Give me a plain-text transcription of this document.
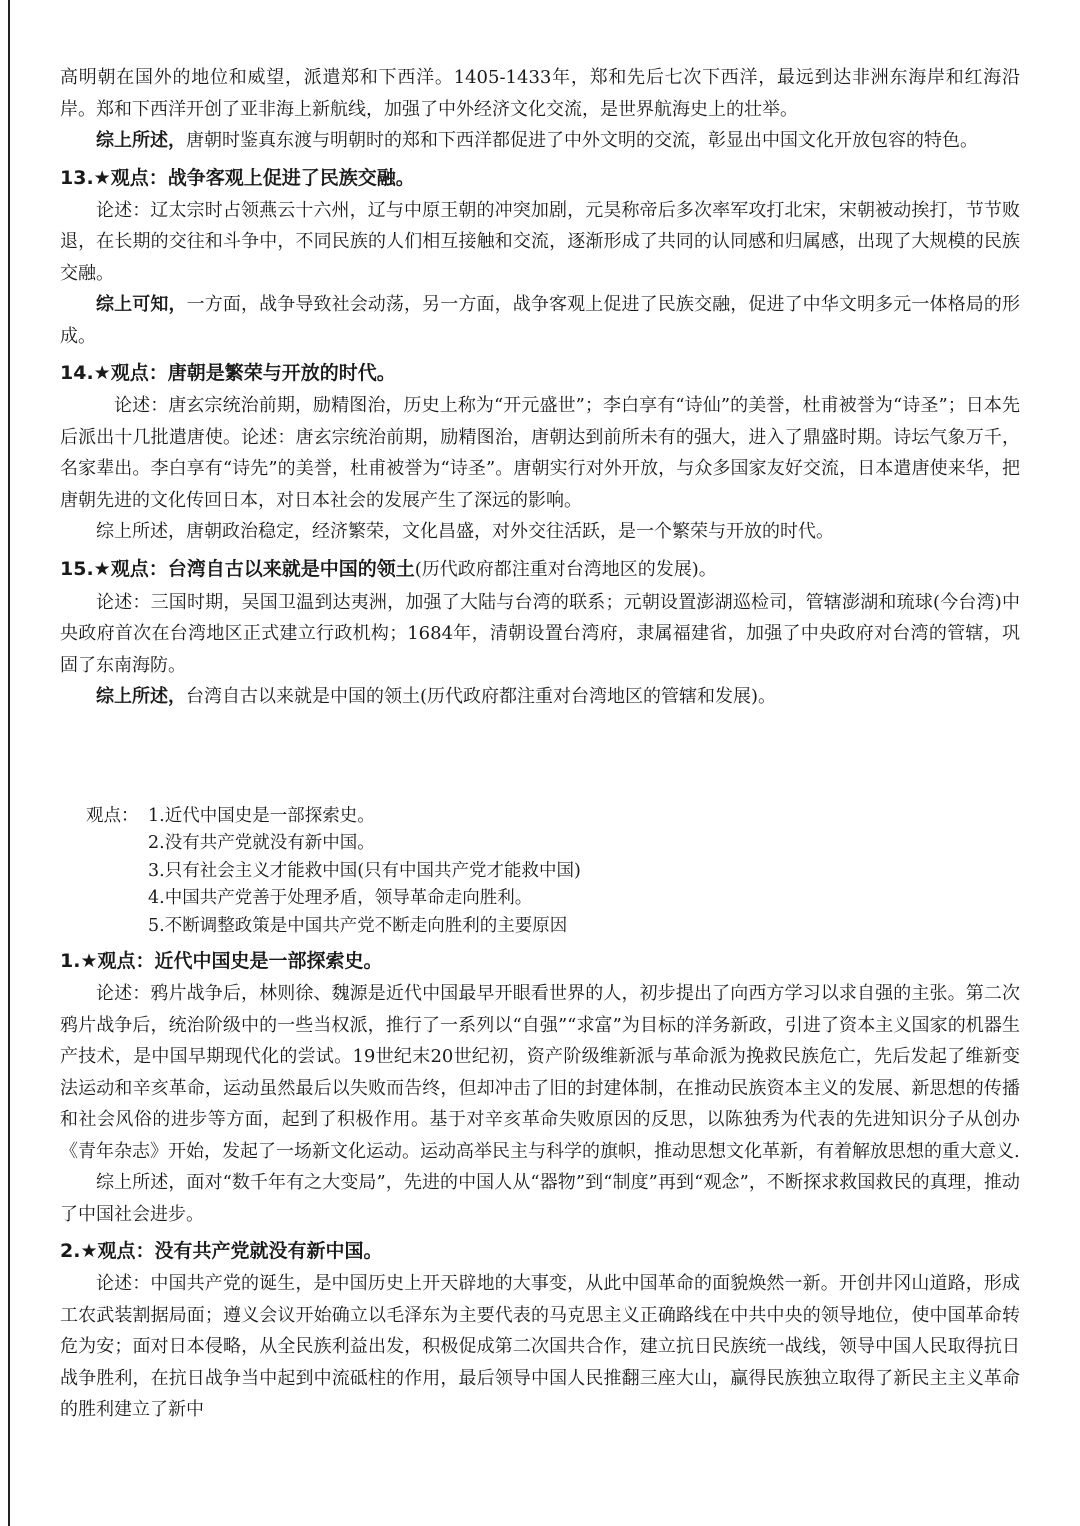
高明朝在国外的地位和威望，派遣郑和下西洋。1405-1433年，郑和先后七次下西洋，最远到达非洲东海岸和红海沿岸。郑和下西洋开创了亚非海上新航线，加强了中外经济文化交流，是世界航海史上的壮举。

综上所述，唐朝时鉴真东渡与明朝时的郑和下西洋都促进了中外文明的交流，彰显出中国文化开放包容的特色。

13.★观点：战争客观上促进了民族交融。

论述：辽太宗时占领燕云十六州，辽与中原王朝的冲突加剧，元昊称帝后多次率军攻打北宋，宋朝被动挨打，节节败退，在长期的交往和斗争中，不同民族的人们相互接触和交流，逐渐形成了共同的认同感和归属感，出现了大规模的民族交融。

综上可知，一方面，战争导致社会动荡，另一方面，战争客观上促进了民族交融，促进了中华文明多元一体格局的形成。

14.★观点：唐朝是繁荣与开放的时代。

论述：唐玄宗统治前期，励精图治，历史上称为“开元盛世”；李白享有“诗仙”的美誉，杜甫被誉为“诗圣”；日本先后派出十几批遣唐使。论述：唐玄宗统治前期，励精图治，唐朝达到前所未有的强大，进入了鼎盛时期。诗坛气象万千，名家辈出。李白享有“诗先”的美誉，杜甫被誉为“诗圣”。唐朝实行对外开放，与众多国家友好交流，日本遣唐使来华，把唐朝先进的文化传回日本，对日本社会的发展产生了深远的影响。

综上所述，唐朝政治稳定，经济繁荣，文化昌盛，对外交往活跃，是一个繁荣与开放的时代。

15.★观点：台湾自古以来就是中国的领土(历代政府都注重对台湾地区的发展)。

论述：三国时期，吴国卫温到达夷洲，加强了大陆与台湾的联系；元朝设置澎湖巡检司，管辖澎湖和琉球(今台湾)中央政府首次在台湾地区正式建立行政机构；1684年，清朝设置台湾府，隶属福建省，加强了中央政府对台湾的管辖，巩固了东南海防。

综上所述，台湾自古以来就是中国的领土(历代政府都注重对台湾地区的管辖和发展)。

观点： 1.近代中国史是一部探索史。
2.没有共产党就没有新中国。
3.只有社会主义才能救中国(只有中国共产党才能救中国)
4.中国共产党善于处理矛盾，领导革命走向胜利。
5.不断调整政策是中国共产党不断走向胜利的主要原因

1.★观点：近代中国史是一部探索史。

论述：鸦片战争后，林则徐、魏源是近代中国最早开眼看世界的人，初步提出了向西方学习以求自强的主张。第二次鸦片战争后，统治阶级中的一些当权派，推行了一系列以“自强”“求富”为目标的洋务新政，引进了资本主义国家的机器生产技术，是中国早期现代化的尝试。19世纪末20世纪初，资产阶级维新派与革命派为挽救民族危亡，先后发起了维新变法运动和辛亥革命，运动虽然最后以失败而告终，但却冲击了旧的封建体制，在推动民族资本主义的发展、新思想的传播和社会风俗的进步等方面，起到了积极作用。基于对辛亥革命失败原因的反思，以陈独秀为代表的先进知识分子从创办《青年杂志》开始，发起了一场新文化运动。运动高举民主与科学的旗帜，推动思想文化革新，有着解放思想的重大意义.

综上所述，面对“数千年有之大变局”，先进的中国人从“器物”到“制度”再到“观念”，不断探求救国救民的真理，推动了中国社会进步。

2.★观点：没有共产党就没有新中国。

论述：中国共产党的诞生，是中国历史上开天辟地的大事变，从此中国革命的面貌焕然一新。开创井冈山道路，形成工农武装割据局面；遵义会议开始确立以毛泽东为主要代表的马克思主义正确路线在中共中央的领导地位，使中国革命转危为安；面对日本侵略，从全民族利益出发，积极促成第二次国共合作，建立抗日民族统一战线，领导中国人民取得抗日战争胜利，在抗日战争当中起到中流砥柱的作用，最后领导中国人民推翻三座大山，赢得民族独立取得了新民主主义革命的胜利建立了新中
